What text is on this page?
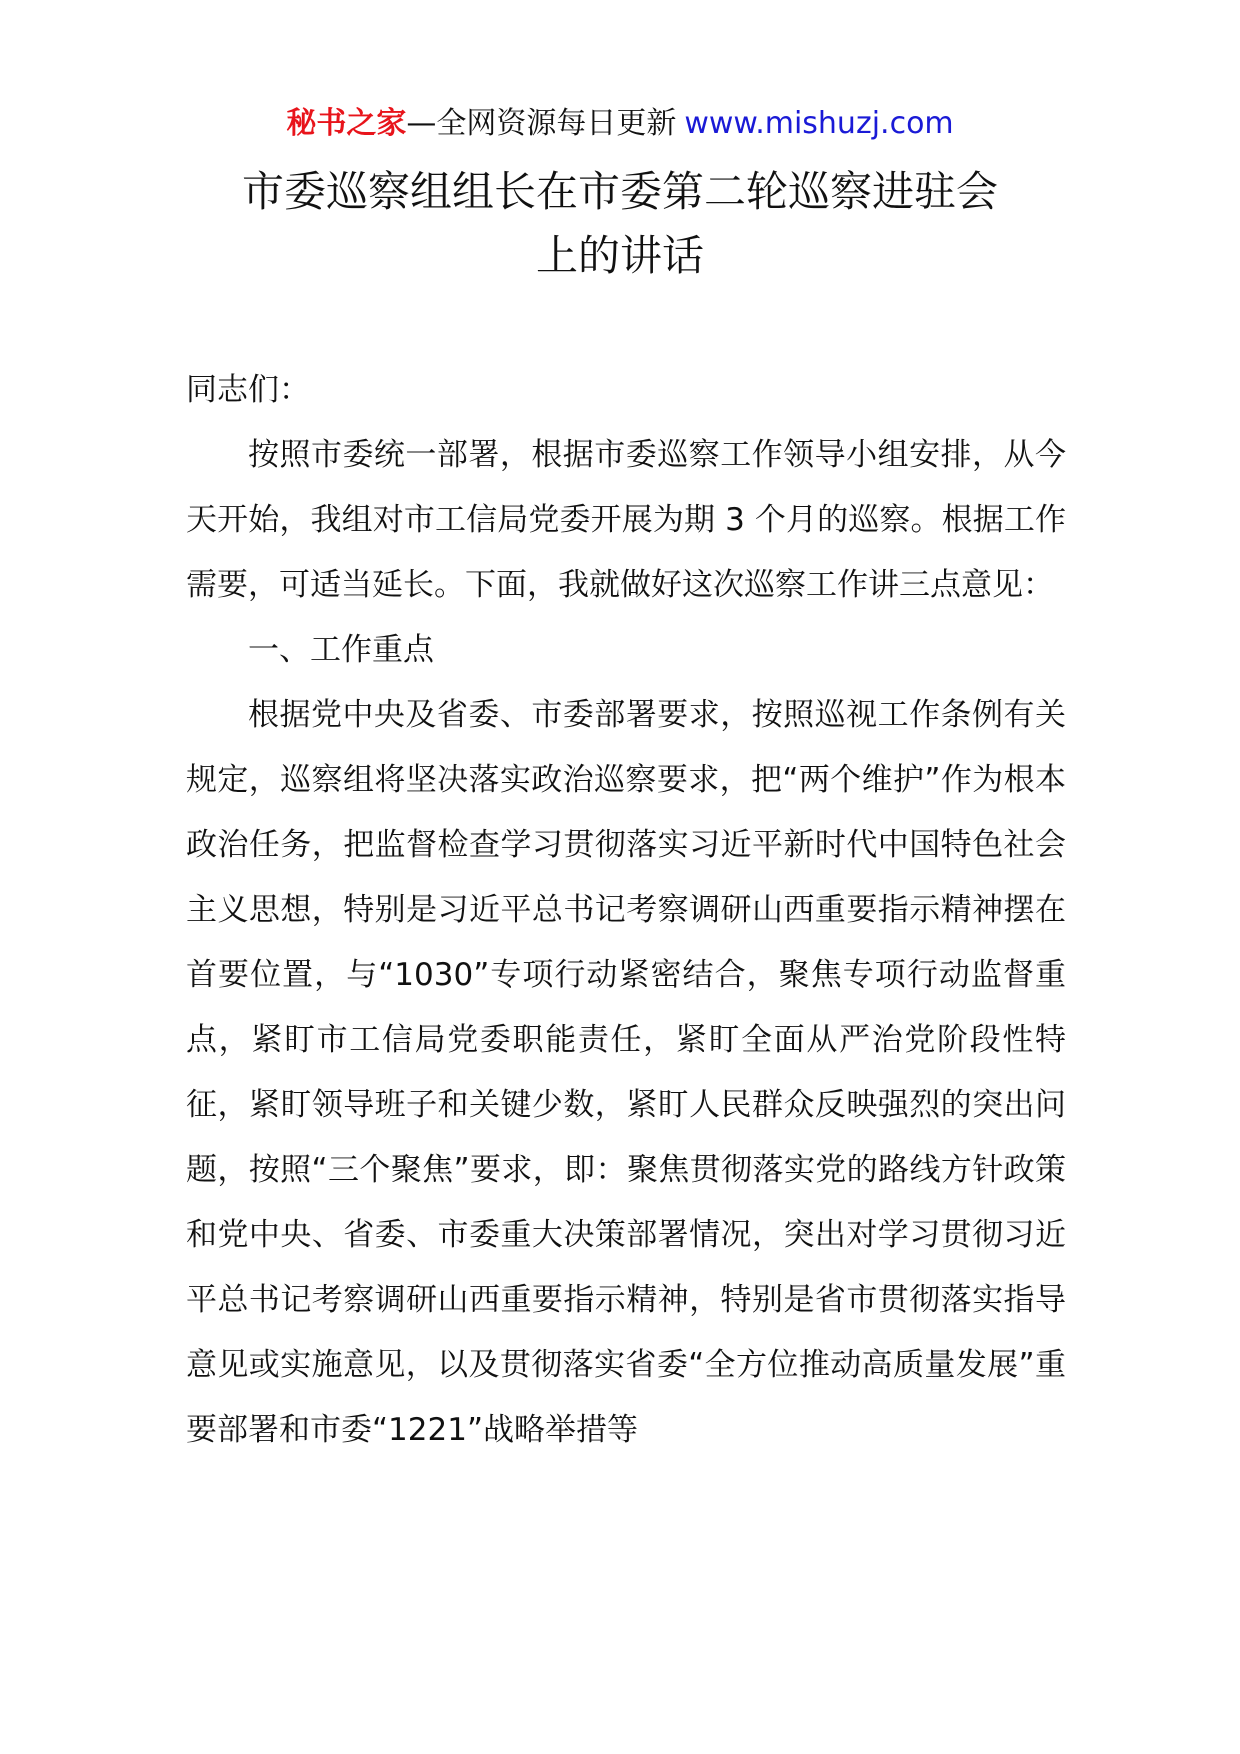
秘书之家—全网资源每日更新 www.mishuzj.com
市委巡察组组长在市委第二轮巡察进驻会
上的讲话

同志们：

按照市委统一部署，根据市委巡察工作领导小组安排，从今天开始，我组对市工信局党委开展为期 3 个月的巡察。根据工作需要，可适当延长。下面，我就做好这次巡察工作讲三点意见：

一、工作重点

根据党中央及省委、市委部署要求，按照巡视工作条例有关规定，巡察组将坚决落实政治巡察要求，把“两个维护”作为根本政治任务，把监督检查学习贯彻落实习近平新时代中国特色社会主义思想，特别是习近平总书记考察调研山西重要指示精神摆在首要位置，与“1030”专项行动紧密结合，聚焦专项行动监督重点，紧盯市工信局党委职能责任，紧盯全面从严治党阶段性特征，紧盯领导班子和关键少数，紧盯人民群众反映强烈的突出问题，按照“三个聚焦”要求，即：聚焦贯彻落实党的路线方针政策和党中央、省委、市委重大决策部署情况，突出对学习贯彻习近平总书记考察调研山西重要指示精神，特别是省市贯彻落实指导意见或实施意见，以及贯彻落实省委“全方位推动高质量发展”重要部署和市委“1221”战略举措等
